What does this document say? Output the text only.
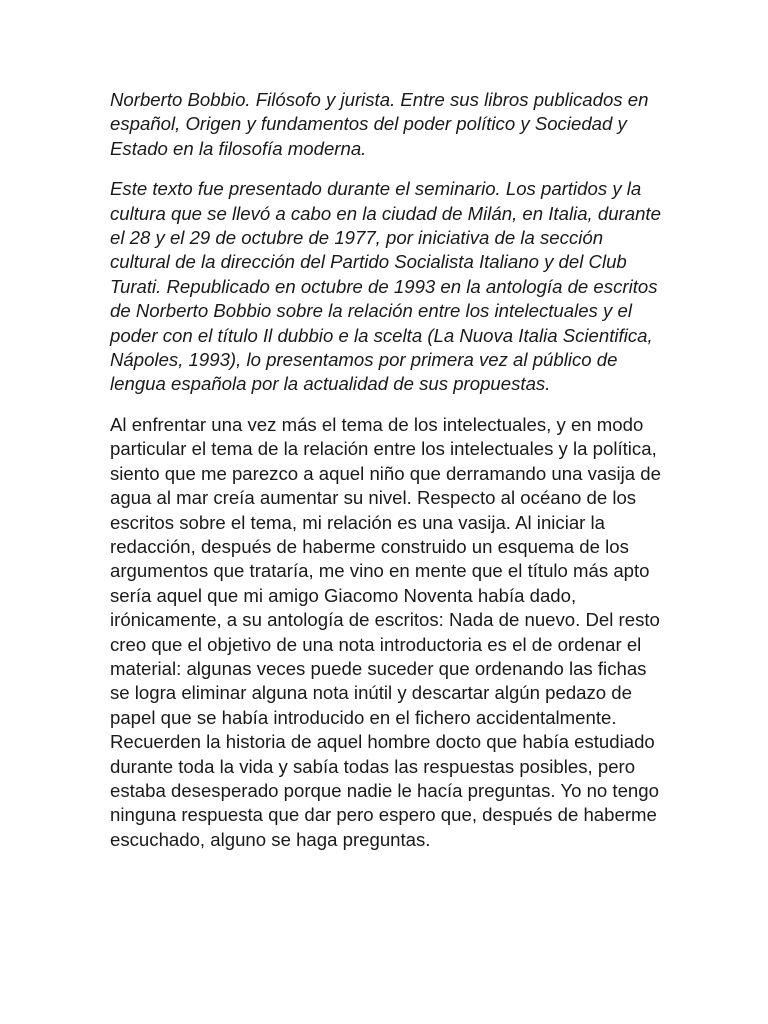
Norberto Bobbio. Filósofo y jurista. Entre sus libros publicados en español, Origen y fundamentos del poder político y Sociedad y Estado en la filosofía moderna.

Este texto fue presentado durante el seminario. Los partidos y la cultura que se llevó a cabo en la ciudad de Milán, en Italia, durante el 28 y el 29 de octubre de 1977, por iniciativa de la sección cultural de la dirección del Partido Socialista Italiano y del Club Turati. Republicado en octubre de 1993 en la antología de escritos de Norberto Bobbio sobre la relación entre los intelectuales y el poder con el título Il dubbio e la scelta (La Nuova Italia Scientifica, Nápoles, 1993), lo presentamos por primera vez al público de lengua española por la actualidad de sus propuestas.

Al enfrentar una vez más el tema de los intelectuales, y en modo particular el tema de la relación entre los intelectuales y la política, siento que me parezco a aquel niño que derramando una vasija de agua al mar creía aumentar su nivel. Respecto al océano de los escritos sobre el tema, mi relación es una vasija. Al iniciar la redacción, después de haberme construido un esquema de los argumentos que trataría, me vino en mente que el título más apto sería aquel que mi amigo Giacomo Noventa había dado, irónicamente, a su antología de escritos: Nada de nuevo. Del resto creo que el objetivo de una nota introductoria es el de ordenar el material: algunas veces puede suceder que ordenando las fichas se logra eliminar alguna nota inútil y descartar algún pedazo de papel que se había introducido en el fichero accidentalmente. Recuerden la historia de aquel hombre docto que había estudiado durante toda la vida y sabía todas las respuestas posibles, pero estaba desesperado porque nadie le hacía preguntas. Yo no tengo ninguna respuesta que dar pero espero que, después de haberme escuchado, alguno se haga preguntas.
